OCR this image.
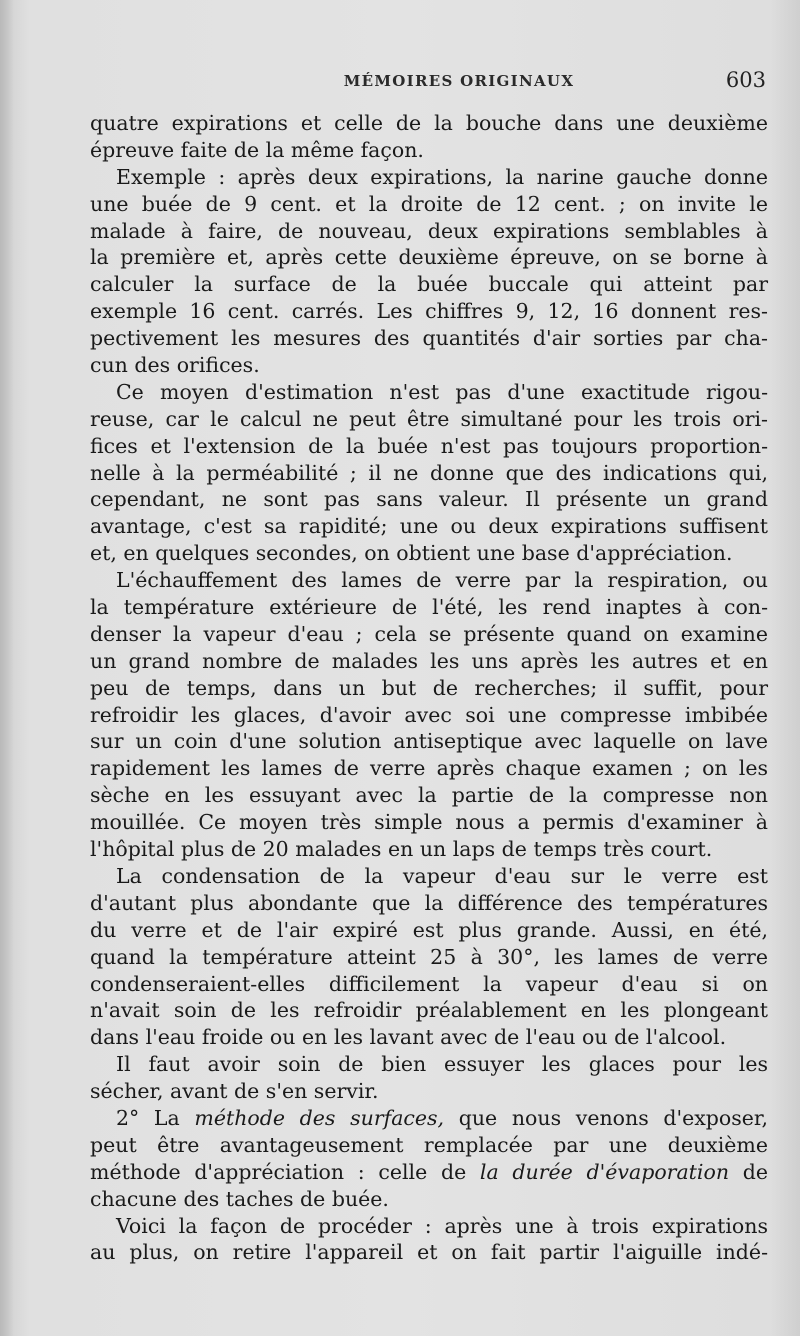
MÉMOIRES ORIGINAUX	603
quatre expirations et celle de la bouche dans une deuxième
épreuve faite de la même façon.
Exemple : après deux expirations, la narine gauche donne
une buée de 9 cent. et la droite de 12 cent. ; on invite le
malade à faire, de nouveau, deux expirations semblables à
la première et, après cette deuxième épreuve, on se borne à
calculer la surface de la buée buccale qui atteint par
exemple 16 cent. carrés. Les chiffres 9, 12, 16 donnent res-
pectivement les mesures des quantités d'air sorties par cha-
cun des orifices.
Ce moyen d'estimation n'est pas d'une exactitude rigou-
reuse, car le calcul ne peut être simultané pour les trois ori-
fices et l'extension de la buée n'est pas toujours proportion-
nelle à la perméabilité ; il ne donne que des indications qui,
cependant, ne sont pas sans valeur. Il présente un grand
avantage, c'est sa rapidité; une ou deux expirations suffisent
et, en quelques secondes, on obtient une base d'appréciation.
L'échauffement des lames de verre par la respiration, ou
la température extérieure de l'été, les rend inaptes à con-
denser la vapeur d'eau ; cela se présente quand on examine
un grand nombre de malades les uns après les autres et en
peu de temps, dans un but de recherches; il suffit, pour
refroidir les glaces, d'avoir avec soi une compresse imbibée
sur un coin d'une solution antiseptique avec laquelle on lave
rapidement les lames de verre après chaque examen ; on les
sèche en les essuyant avec la partie de la compresse non
mouillée. Ce moyen très simple nous a permis d'examiner à
l'hôpital plus de 20 malades en un laps de temps très court.
La condensation de la vapeur d'eau sur le verre est
d'autant plus abondante que la différence des températures
du verre et de l'air expiré est plus grande. Aussi, en été,
quand la température atteint 25 à 30°, les lames de verre
condenseraient-elles difficilement la vapeur d'eau si on
n'avait soin de les refroidir préalablement en les plongeant
dans l'eau froide ou en les lavant avec de l'eau ou de l'alcool.
Il faut avoir soin de bien essuyer les glaces pour les
sécher, avant de s'en servir.
2° La méthode des surfaces, que nous venons d'exposer,
peut être avantageusement remplacée par une deuxième
méthode d'appréciation : celle de la durée d'évaporation de
chacune des taches de buée.
Voici la façon de procéder : après une à trois expirations
au plus, on retire l'appareil et on fait partir l'aiguille indé-
